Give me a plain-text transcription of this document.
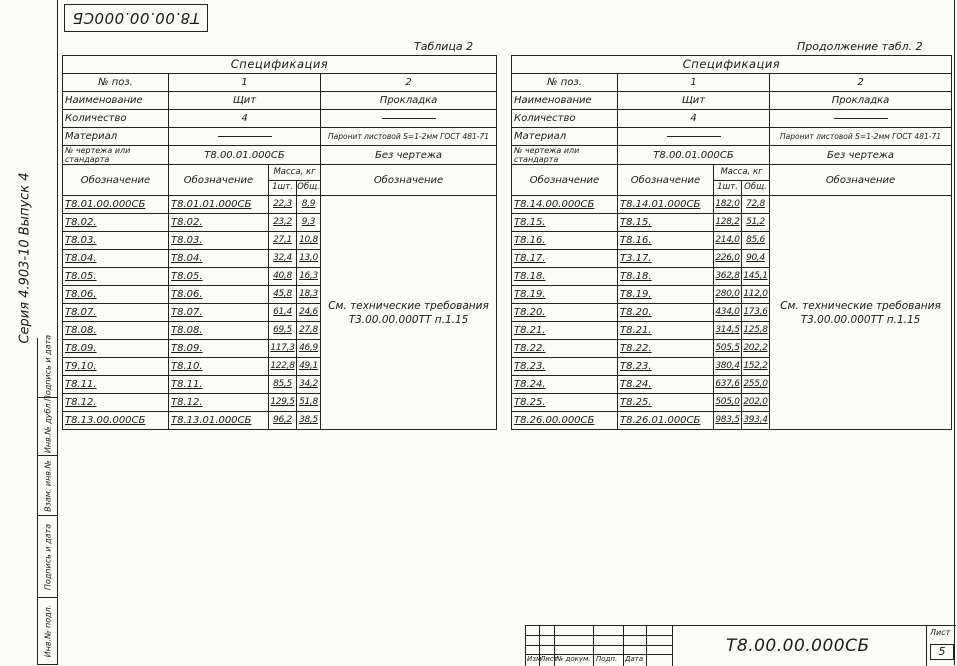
Т8.00.00.000СБ
Серия 4.903-10 Выпуск 4
Подпись и дата
Инв.№ дубл.
Взам. инв.№
Подпись и дата
Инв.№ подл.
Таблица 2
Спецификация				
№ поз.	1			2
Наименование	Щит			Прокладка
Количество	4			
Материал				Паронит листовой S=1-2мм ГОСТ 481-71
№ чертежа или стандарта	Т8.00.01.000СБ			Без чертежа
Обозначение	Обозначение	Масса, кг		Обозначение
		1шт.	Общ.	
Т8.01.00.000СБ	Т8.01.01.000СБ	22,3	8,9	См. технические требования Т3.00.00.000ТТ п.1.15
Т8.02.	Т8.02.	23,2	9,3	
Т8.03.	Т8.03.	27,1	10,8	
Т8.04.	Т8.04.	32,4	13,0	
Т8.05.	Т8.05.	40,8	16,3	
Т8.06.	Т8.06.	45,8	18,3	
Т8.07.	Т8.07.	61,4	24,6	
Т8.08.	Т8.08.	69,5	27,8	
Т8.09.	Т8.09.	117,3	46,9	
Т9.10.	Т8.10.	122,8	49,1	
Т8.11.	Т8.11.	85,5	34,2	
Т8.12.	Т8.12.	129,5	51,8	
Т8.13.00.000СБ	Т8.13.01.000СБ	96,2	38,5	
Продолжение табл. 2
Спецификация				
№ поз.	1			2
Наименование	Щит			Прокладка
Количество	4			
Материал				Паронит листовой S=1-2мм ГОСТ 481-71
№ чертежа или стандарта	Т8.00.01.000СБ			Без чертежа
Обозначение	Обозначение	Масса, кг		Обозначение
		1шт.	Общ.	
Т8.14.00.000СБ	Т8.14.01.000СБ	182,0	72,8	См. технические требования Т3.00.00.000ТТ п.1.15
Т8.15.	Т8.15.	128,2	51,2	
Т8.16.	Т8.16.	214,0	85,6	
Т8.17.	Т3.17.	226,0	90,4	
Т8.18.	Т8.18.	362,8	145,1	
Т8.19.	Т8.19.	280,0	112,0	
Т8.20.	Т8.20.	434,0	173,6	
Т8.21.	Т8.21.	314,5	125,8	
Т8.22.	Т8.22.	505,5	202,2	
Т8.23.	Т8.23.	380,4	152,2	
Т8.24.	Т8.24.	637,6	255,0	
Т8.25.	Т8.25.	505,0	202,0	
Т8.26.00.000СБ	Т8.26.01.000СБ	983,5	393,4	
Изм
Лист
№ докум. Подп. Дата
Т8.00.00.000СБ
Лист
5
